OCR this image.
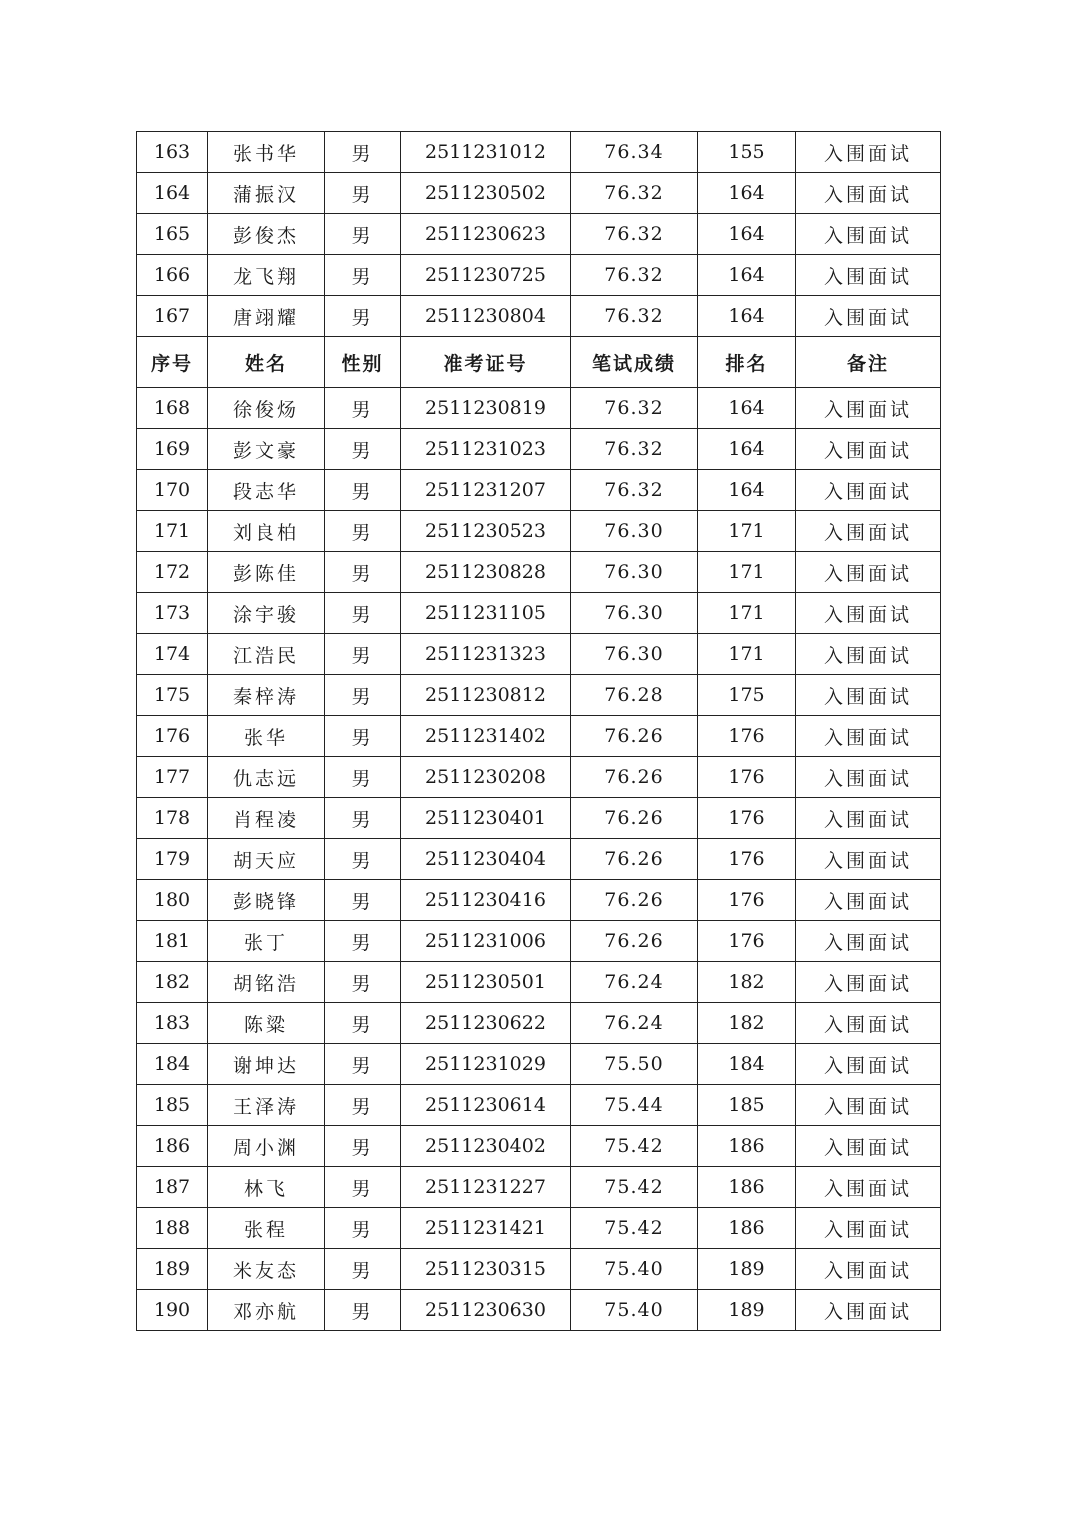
163	张书华	男	2511231012	76.34	155	入围面试
164	蒲振汉	男	2511230502	76.32	164	入围面试
165	彭俊杰	男	2511230623	76.32	164	入围面试
166	龙飞翔	男	2511230725	76.32	164	入围面试
167	唐翊耀	男	2511230804	76.32	164	入围面试
序号	姓名	性别	准考证号	笔试成绩	排名	备注
168	徐俊炀	男	2511230819	76.32	164	入围面试
169	彭文豪	男	2511231023	76.32	164	入围面试
170	段志华	男	2511231207	76.32	164	入围面试
171	刘良柏	男	2511230523	76.30	171	入围面试
172	彭陈佳	男	2511230828	76.30	171	入围面试
173	涂宇骏	男	2511231105	76.30	171	入围面试
174	江浩民	男	2511231323	76.30	171	入围面试
175	秦梓涛	男	2511230812	76.28	175	入围面试
176	张华	男	2511231402	76.26	176	入围面试
177	仇志远	男	2511230208	76.26	176	入围面试
178	肖程凌	男	2511230401	76.26	176	入围面试
179	胡天应	男	2511230404	76.26	176	入围面试
180	彭晓锋	男	2511230416	76.26	176	入围面试
181	张丁	男	2511231006	76.26	176	入围面试
182	胡铭浩	男	2511230501	76.24	182	入围面试
183	陈粱	男	2511230622	76.24	182	入围面试
184	谢坤达	男	2511231029	75.50	184	入围面试
185	王泽涛	男	2511230614	75.44	185	入围面试
186	周小渊	男	2511230402	75.42	186	入围面试
187	林飞	男	2511231227	75.42	186	入围面试
188	张程	男	2511231421	75.42	186	入围面试
189	米友态	男	2511230315	75.40	189	入围面试
190	邓亦航	男	2511230630	75.40	189	入围面试
